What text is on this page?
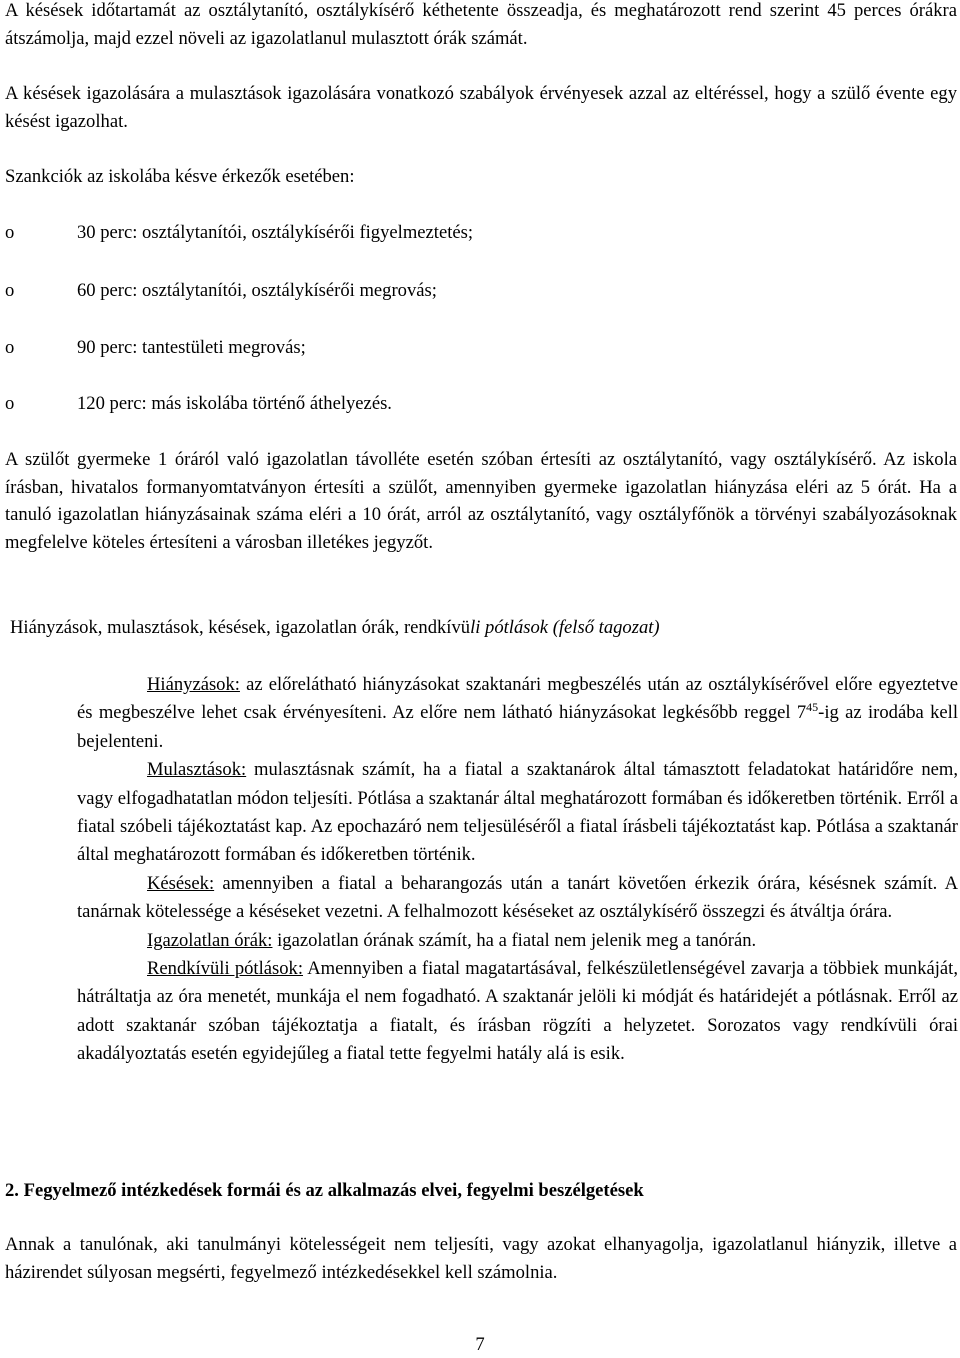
A késések időtartamát az osztálytanító, osztálykísérő kéthetente összeadja, és meghatározott rend szerint 45 perces órákra átszámolja, majd ezzel növeli az igazolatlanul mulasztott órák számát.
A késések igazolására a mulasztások igazolására vonatkozó szabályok érvényesek azzal az eltéréssel, hogy a szülő évente egy késést igazolhat.
Szankciók az iskolába késve érkezők esetében:
o	30 perc: osztálytanítói, osztálykísérői figyelmeztetés;
o	60 perc: osztálytanítói, osztálykísérői megrovás;
o	90 perc: tantestületi megrovás;
o	120 perc: más iskolába történő áthelyezés.
A szülőt gyermeke 1 óráról való igazolatlan távolléte esetén szóban értesíti az osztálytanító, vagy osztálykísérő. Az iskola írásban, hivatalos formanyomtatványon értesíti a szülőt, amennyiben gyermeke igazolatlan hiányzása eléri az 5 órát. Ha a tanuló igazolatlan hiányzásainak száma eléri a 10 órát, arról az osztálytanító, vagy osztályfőnök a törvényi szabályozásoknak megfelelve köteles értesíteni a városban illetékes jegyzőt.
Hiányzások, mulasztások, késések, igazolatlan órák, rendkívüli pótlások (felső tagozat)
Hiányzások: az előrelátható hiányzásokat szaktanári megbeszélés után az osztálykísérővel előre egyeztetve és megbeszélve lehet csak érvényesíteni. Az előre nem látható hiányzásokat legkésőbb reggel $7^{45}-ig$ az irodába kell bejelenteni.
Mulasztások: mulasztásnak számít, ha a fiatal a szaktanárok által támasztott feladatokat határidőre nem, vagy elfogadhatatlan módon teljesíti. Pótlása a szaktanár által meghatározott formában és időkeretben történik. Erről a fiatal szóbeli tájékoztatást kap. Az epochazáró nem teljesüléséről a fiatal írásbeli tájékoztatást kap. Pótlása a szaktanár által meghatározott formában és időkeretben történik.
Késések: amennyiben a fiatal a beharangozás után a tanárt követően érkezik órára, késésnek számít. A tanárnak kötelessége a késéseket vezetni. A felhalmozott késéseket az osztálykísérő összegzi és átváltja órára.
Igazolatlan órák: igazolatlan órának számít, ha a fiatal nem jelenik meg a tanórán.
Rendkívüli pótlások: Amennyiben a fiatal magatartásával, felkészületlenségével zavarja a többiek munkáját, hátráltatja az óra menetét, munkája el nem fogadható. A szaktanár jelöli ki módját és határidejét a pótlásnak. Erről az adott szaktanár szóban tájékoztatja a fiatalt, és írásban rögzíti a helyzetet. Sorozatos vagy rendkívüli órai akadályoztatás esetén egyidejűleg a fiatal tette fegyelmi hatály alá is esik.
2. Fegyelmező intézkedések formái és az alkalmazás elvei, fegyelmi beszélgetések
Annak a tanulónak, aki tanulmányi kötelességeit nem teljesíti, vagy azokat elhanyagolja, igazolatlanul hiányzik, illetve a házirendet súlyosan megsérti, fegyelmező intézkedésekkel kell számolnia.
7
